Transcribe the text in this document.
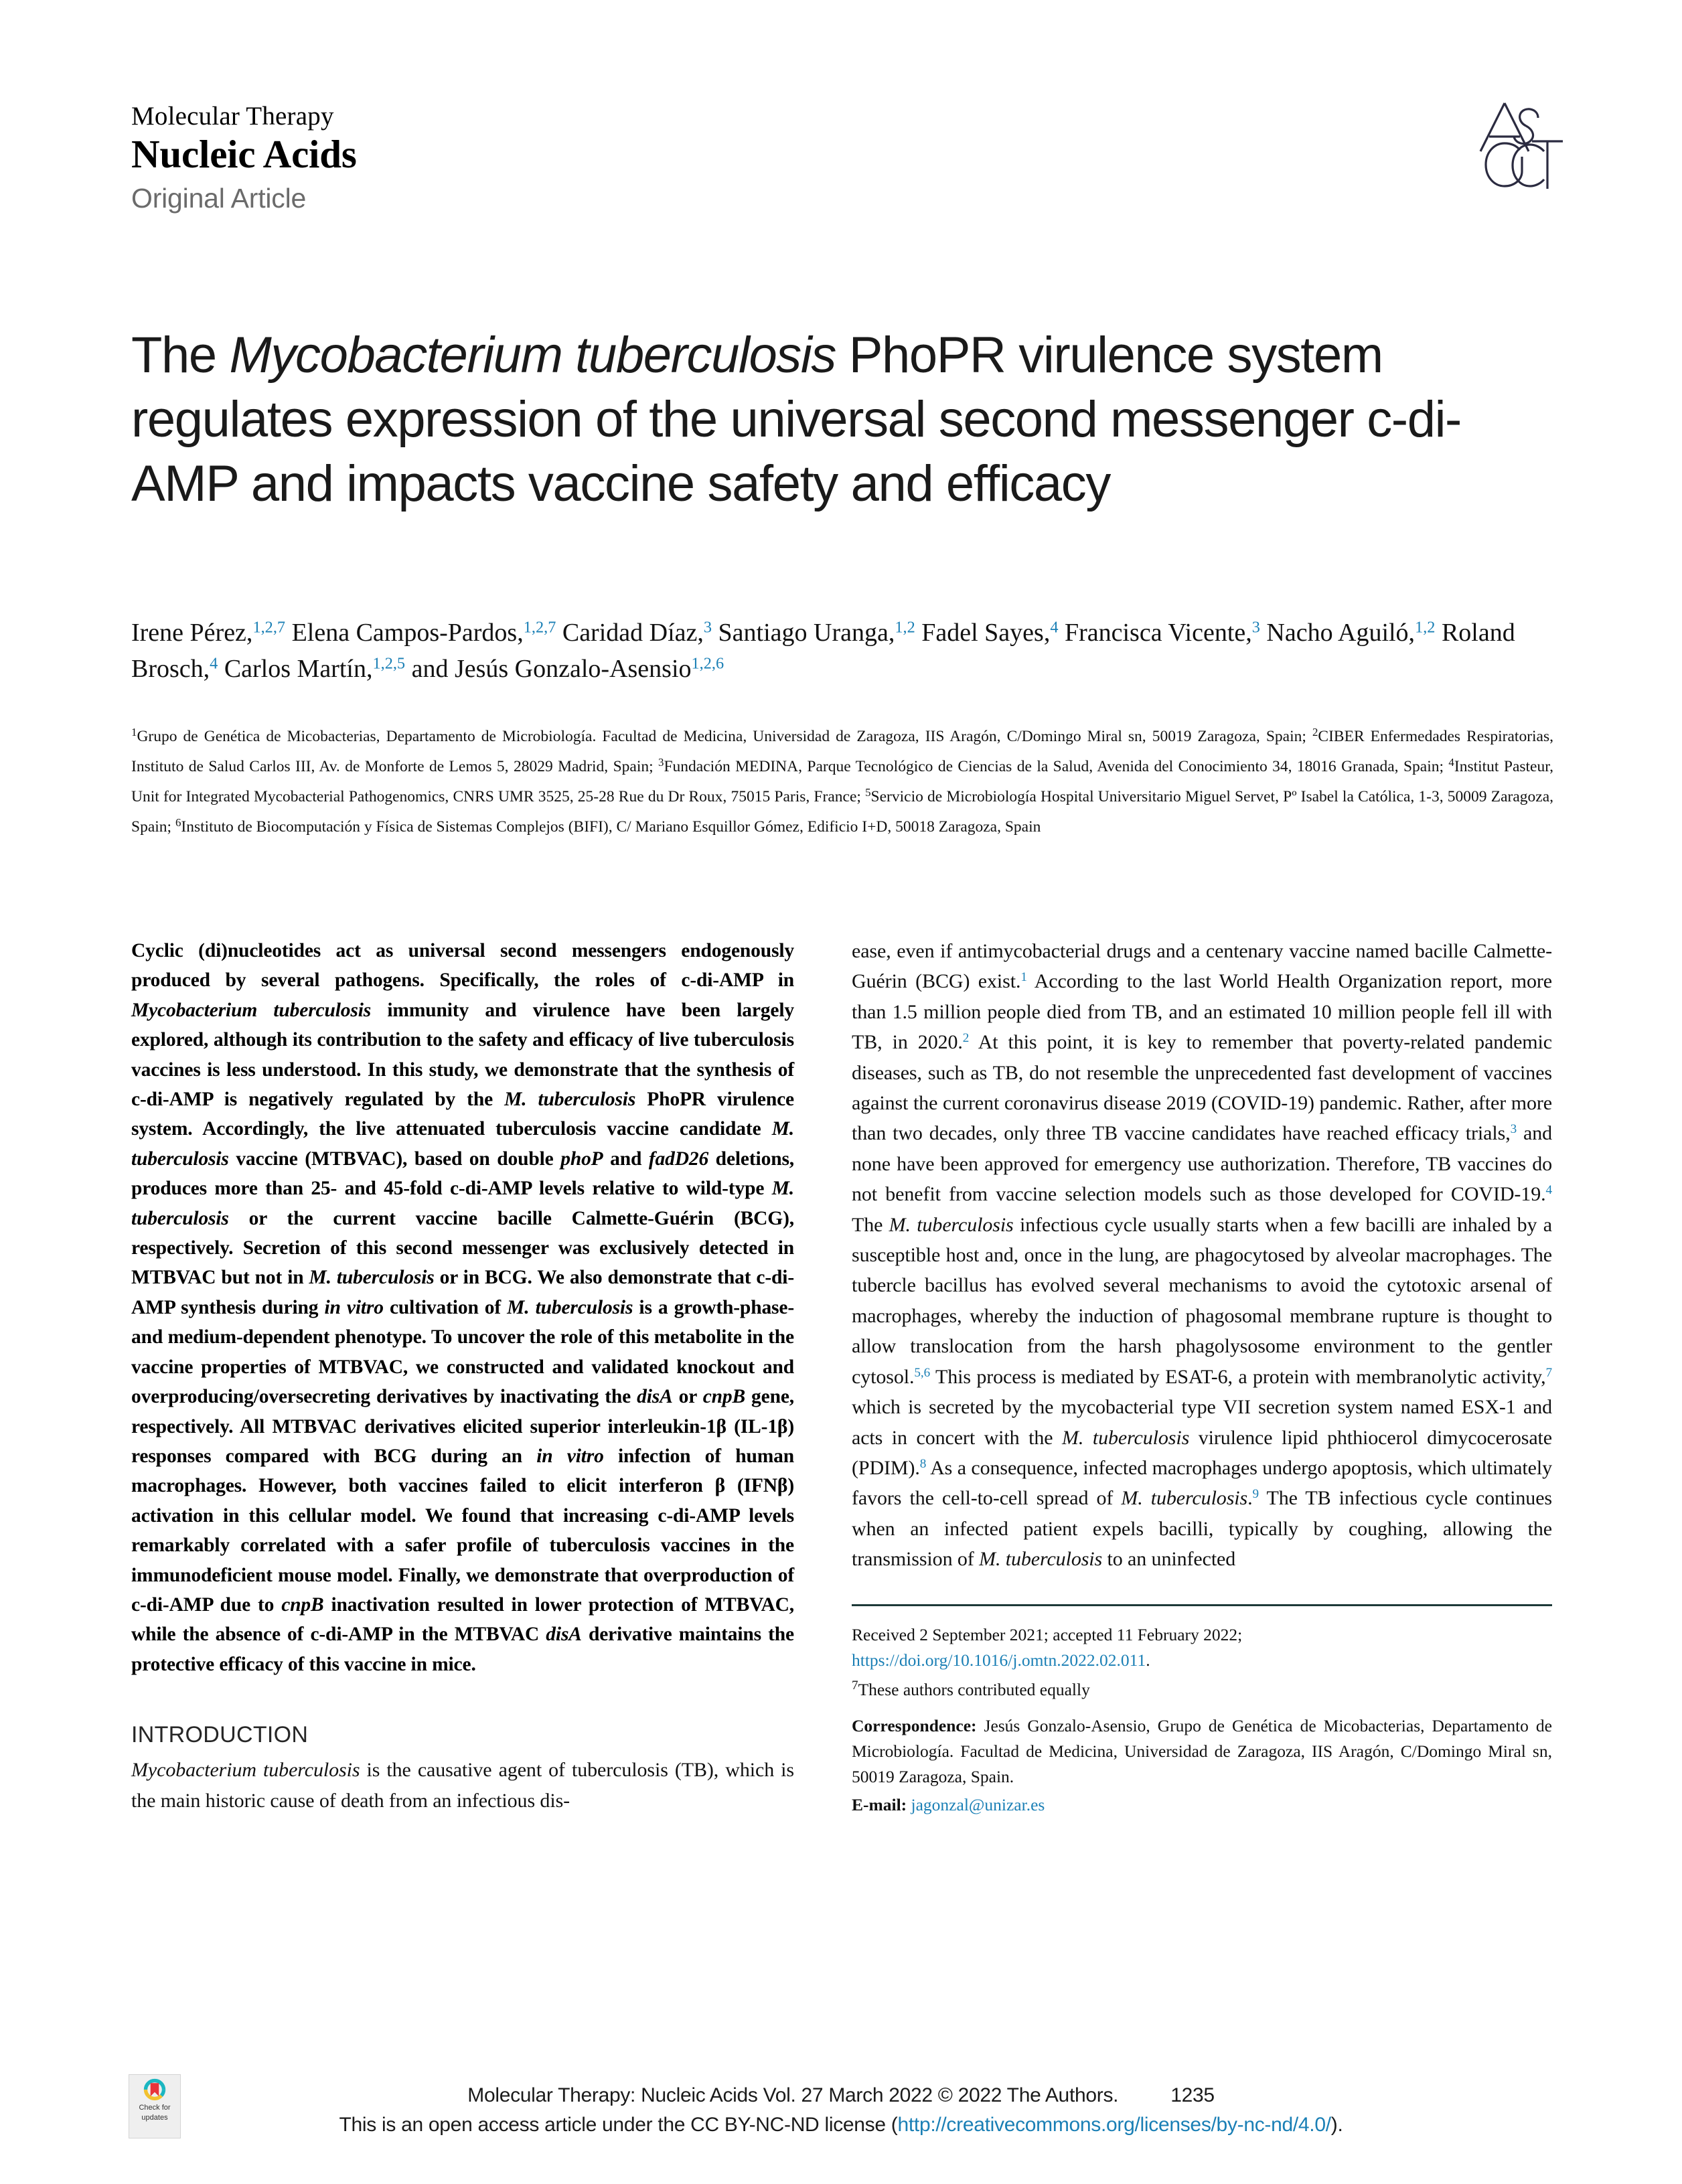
Molecular Therapy
Nucleic Acids
Original Article
The Mycobacterium tuberculosis PhoPR virulence system regulates expression of the universal second messenger c-di-AMP and impacts vaccine safety and efficacy
Irene Pérez,$^{1,2,7}$ Elena Campos-Pardos,$^{1,2,7}$ Caridad Díaz,$^3$ Santiago Uranga,$^{1,2}$ Fadel Sayes,$^4$ Francisca Vicente,$^3$ Nacho Aguiló,$^{1,2}$ Roland Brosch,$^4$ Carlos Martín,$^{1,2,5}$ and Jesús Gonzalo-Asensio$^{1,2,6}$
$^1$Grupo de Genética de Micobacterias, Departamento de Microbiología. Facultad de Medicina, Universidad de Zaragoza, IIS Aragón, C/Domingo Miral sn, 50019 Zaragoza, Spain; $^2$CIBER Enfermedades Respiratorias, Instituto de Salud Carlos III, Av. de Monforte de Lemos 5, 28029 Madrid, Spain; $^3$Fundación MEDINA, Parque Tecnológico de Ciencias de la Salud, Avenida del Conocimiento 34, 18016 Granada, Spain; $^4$Institut Pasteur, Unit for Integrated Mycobacterial Pathogenomics, CNRS UMR 3525, 25-28 Rue du Dr Roux, 75015 Paris, France; $^5$Servicio de Microbiología Hospital Universitario Miguel Servet, Pº Isabel la Católica, 1-3, 50009 Zaragoza, Spain; $^6$Instituto de Biocomputación y Física de Sistemas Complejos (BIFI), C/ Mariano Esquillor Gómez, Edificio I+D, 50018 Zaragoza, Spain
Cyclic (di)nucleotides act as universal second messengers endogenously produced by several pathogens. Specifically, the roles of c-di-AMP in Mycobacterium tuberculosis immunity and virulence have been largely explored, although its contribution to the safety and efficacy of live tuberculosis vaccines is less understood. In this study, we demonstrate that the synthesis of c-di-AMP is negatively regulated by the M. tuberculosis PhoPR virulence system. Accordingly, the live attenuated tuberculosis vaccine candidate M. tuberculosis vaccine (MTBVAC), based on double phoP and fadD26 deletions, produces more than 25- and 45-fold c-di-AMP levels relative to wild-type M. tuberculosis or the current vaccine bacille Calmette-Guérin (BCG), respectively. Secretion of this second messenger was exclusively detected in MTBVAC but not in M. tuberculosis or in BCG. We also demonstrate that c-di-AMP synthesis during in vitro cultivation of M. tuberculosis is a growth-phase- and medium-dependent phenotype. To uncover the role of this metabolite in the vaccine properties of MTBVAC, we constructed and validated knockout and overproducing/oversecreting derivatives by inactivating the disA or cnpB gene, respectively. All MTBVAC derivatives elicited superior interleukin-1β (IL-1β) responses compared with BCG during an in vitro infection of human macrophages. However, both vaccines failed to elicit interferon β (IFNβ) activation in this cellular model. We found that increasing c-di-AMP levels remarkably correlated with a safer profile of tuberculosis vaccines in the immunodeficient mouse model. Finally, we demonstrate that overproduction of c-di-AMP due to cnpB inactivation resulted in lower protection of MTBVAC, while the absence of c-di-AMP in the MTBVAC disA derivative maintains the protective efficacy of this vaccine in mice.
INTRODUCTION
Mycobacterium tuberculosis is the causative agent of tuberculosis (TB), which is the main historic cause of death from an infectious dis-
ease, even if antimycobacterial drugs and a centenary vaccine named bacille Calmette-Guérin (BCG) exist.$^1$ According to the last World Health Organization report, more than 1.5 million people died from TB, and an estimated 10 million people fell ill with TB, in 2020.$^2$ At this point, it is key to remember that poverty-related pandemic diseases, such as TB, do not resemble the unprecedented fast development of vaccines against the current coronavirus disease 2019 (COVID-19) pandemic. Rather, after more than two decades, only three TB vaccine candidates have reached efficacy trials,$^3$ and none have been approved for emergency use authorization. Therefore, TB vaccines do not benefit from vaccine selection models such as those developed for COVID-19.$^4$ The M. tuberculosis infectious cycle usually starts when a few bacilli are inhaled by a susceptible host and, once in the lung, are phagocytosed by alveolar macrophages. The tubercle bacillus has evolved several mechanisms to avoid the cytotoxic arsenal of macrophages, whereby the induction of phagosomal membrane rupture is thought to allow translocation from the harsh phagolysosome environment to the gentler cytosol.$^{5,6}$ This process is mediated by ESAT-6, a protein with membranolytic activity,$^7$ which is secreted by the mycobacterial type VII secretion system named ESX-1 and acts in concert with the M. tuberculosis virulence lipid phthiocerol dimycocerosate (PDIM).$^8$ As a consequence, infected macrophages undergo apoptosis, which ultimately favors the cell-to-cell spread of M. tuberculosis.$^9$ The TB infectious cycle continues when an infected patient expels bacilli, typically by coughing, allowing the transmission of M. tuberculosis to an uninfected
Received 2 September 2021; accepted 11 February 2022;
https://doi.org/10.1016/j.omtn.2022.02.011.
$^7$These authors contributed equally
Correspondence: Jesús Gonzalo-Asensio, Grupo de Genética de Micobacterias, Departamento de Microbiología. Facultad de Medicina, Universidad de Zaragoza, IIS Aragón, C/Domingo Miral sn, 50019 Zaragoza, Spain.
E-mail: jagonzal@unizar.es
Check for
updates
Molecular Therapy: Nucleic Acids Vol. 27 March 2022 © 2022 The Authors.	1235
This is an open access article under the CC BY-NC-ND license (http://creativecommons.org/licenses/by-nc-nd/4.0/).
